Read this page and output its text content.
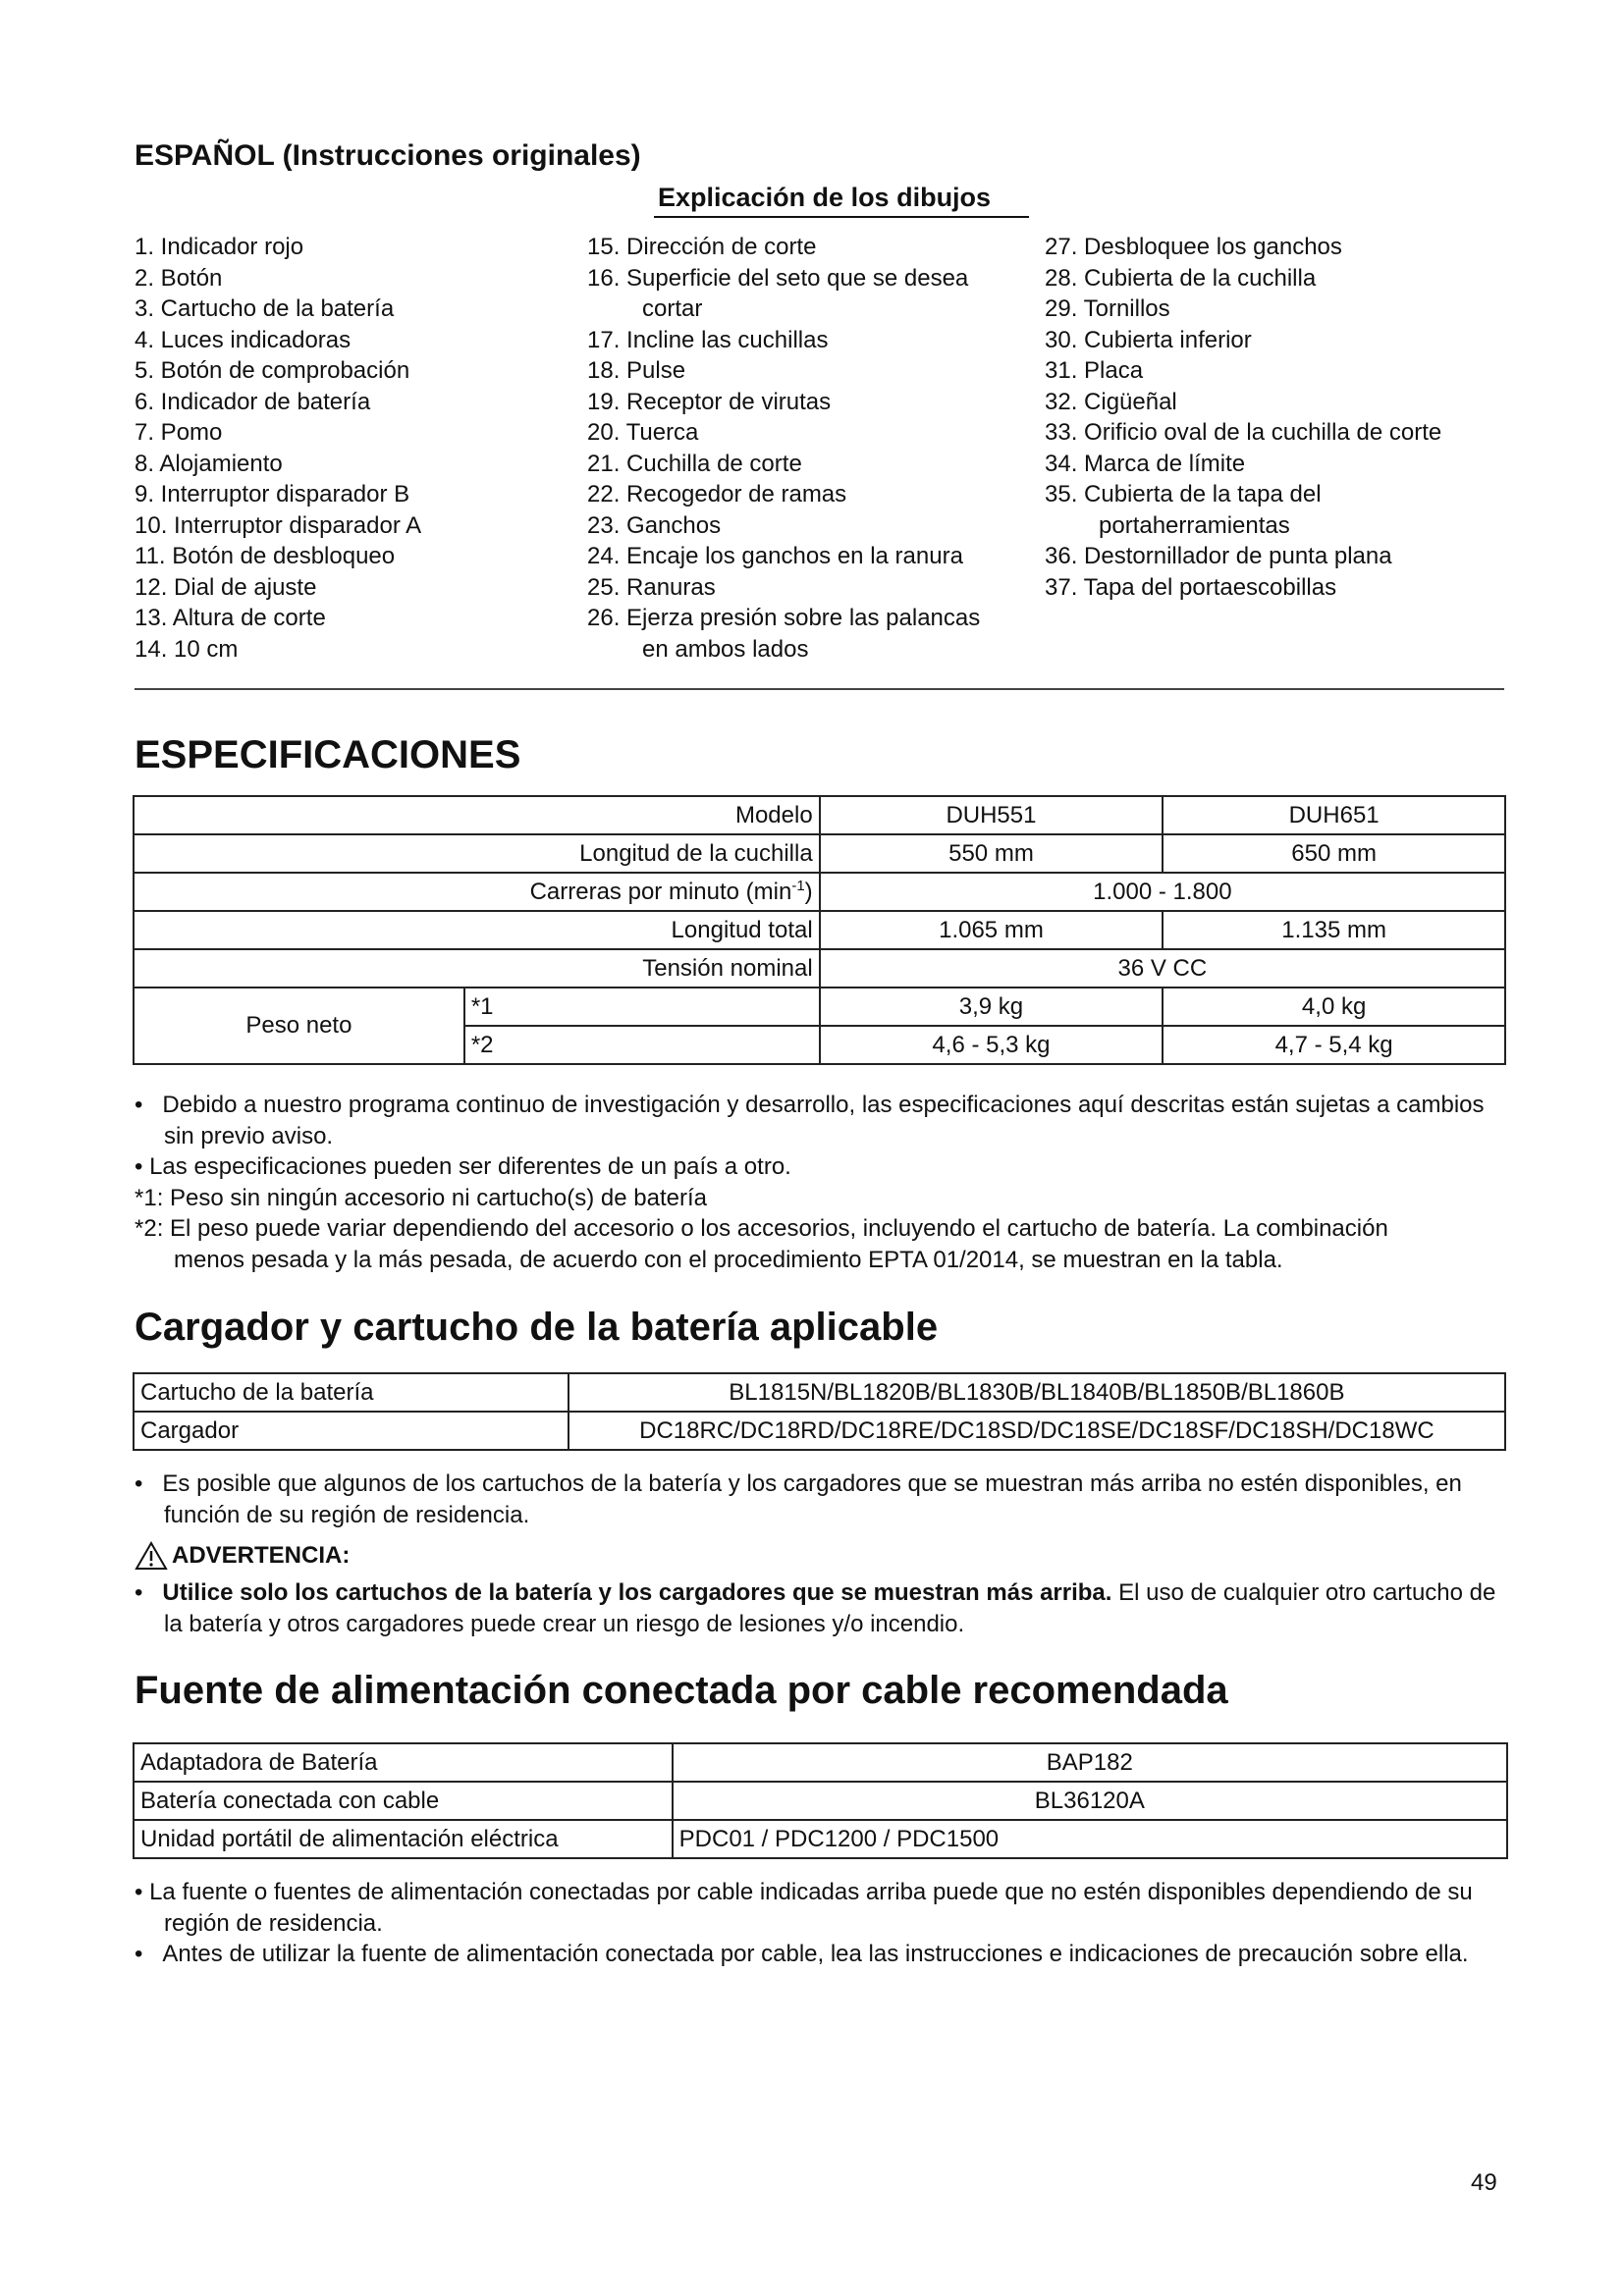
ESPAÑOL (Instrucciones originales)
Explicación de los dibujos
1. Indicador rojo
2. Botón
3. Cartucho de la batería
4. Luces indicadoras
5. Botón de comprobación
6. Indicador de batería
7. Pomo
8. Alojamiento
9. Interruptor disparador B
10. Interruptor disparador A
11. Botón de desbloqueo
12. Dial de ajuste
13. Altura de corte
14. 10 cm
15. Dirección de corte
16. Superficie del seto que se desea
cortar
17. Incline las cuchillas
18. Pulse
19. Receptor de virutas
20. Tuerca
21. Cuchilla de corte
22. Recogedor de ramas
23. Ganchos
24. Encaje los ganchos en la ranura
25. Ranuras
26. Ejerza presión sobre las palancas
en ambos lados
27. Desbloquee los ganchos
28. Cubierta de la cuchilla
29. Tornillos
30. Cubierta inferior
31. Placa
32. Cigüeñal
33. Orificio oval de la cuchilla de corte
34. Marca de límite
35. Cubierta de la tapa del
portaherramientas
36. Destornillador de punta plana
37. Tapa del portaescobillas
ESPECIFICACIONES
Modelo		DUH551	DUH651
Longitud de la cuchilla		550 mm	650 mm
Carreras por minuto $(\min^{-1})$		1.000 - 1.800	
Longitud total		1.065 mm	1.135 mm
Tensión nominal		36 V CC	
Peso neto	*1	3,9 kg	4,0 kg
	*2	4,6 - 5,3 kg	4,7 - 5,4 kg

•   Debido a nuestro programa continuo de investigación y desarrollo, las especificaciones aquí descritas están sujetas a cambios sin previo aviso.

• Las especificaciones pueden ser diferentes de un país a otro.

*1: Peso sin ningún accesorio ni cartucho(s) de batería

*2: El peso puede variar dependiendo del accesorio o los accesorios, incluyendo el cartucho de batería. La combinación

menos pesada y la más pesada, de acuerdo con el procedimiento EPTA 01/2014, se muestran en la tabla.

Cargador y cartucho de la batería aplicable
Cartucho de la batería	BL1815N/BL1820B/BL1830B/BL1840B/BL1850B/BL1860B
Cargador	DC18RC/DC18RD/DC18RE/DC18SD/DC18SE/DC18SF/DC18SH/DC18WC

•   Es posible que algunos de los cartuchos de la batería y los cargadores que se muestran más arriba no estén disponibles, en función de su región de residencia.

ADVERTENCIA:

•   Utilice solo los cartuchos de la batería y los cargadores que se muestran más arriba. El uso de cualquier otro cartucho de la batería y otros cargadores puede crear un riesgo de lesiones y/o incendio.

Fuente de alimentación conectada por cable recomendada
Adaptadora de Batería	BAP182
Batería conectada con cable	BL36120A
Unidad portátil de alimentación eléctrica	PDC01 / PDC1200 / PDC1500

• La fuente o fuentes de alimentación conectadas por cable indicadas arriba puede que no estén disponibles dependiendo de su región de residencia.

•   Antes de utilizar la fuente de alimentación conectada por cable, lea las instrucciones e indicaciones de precaución sobre ella.

49
